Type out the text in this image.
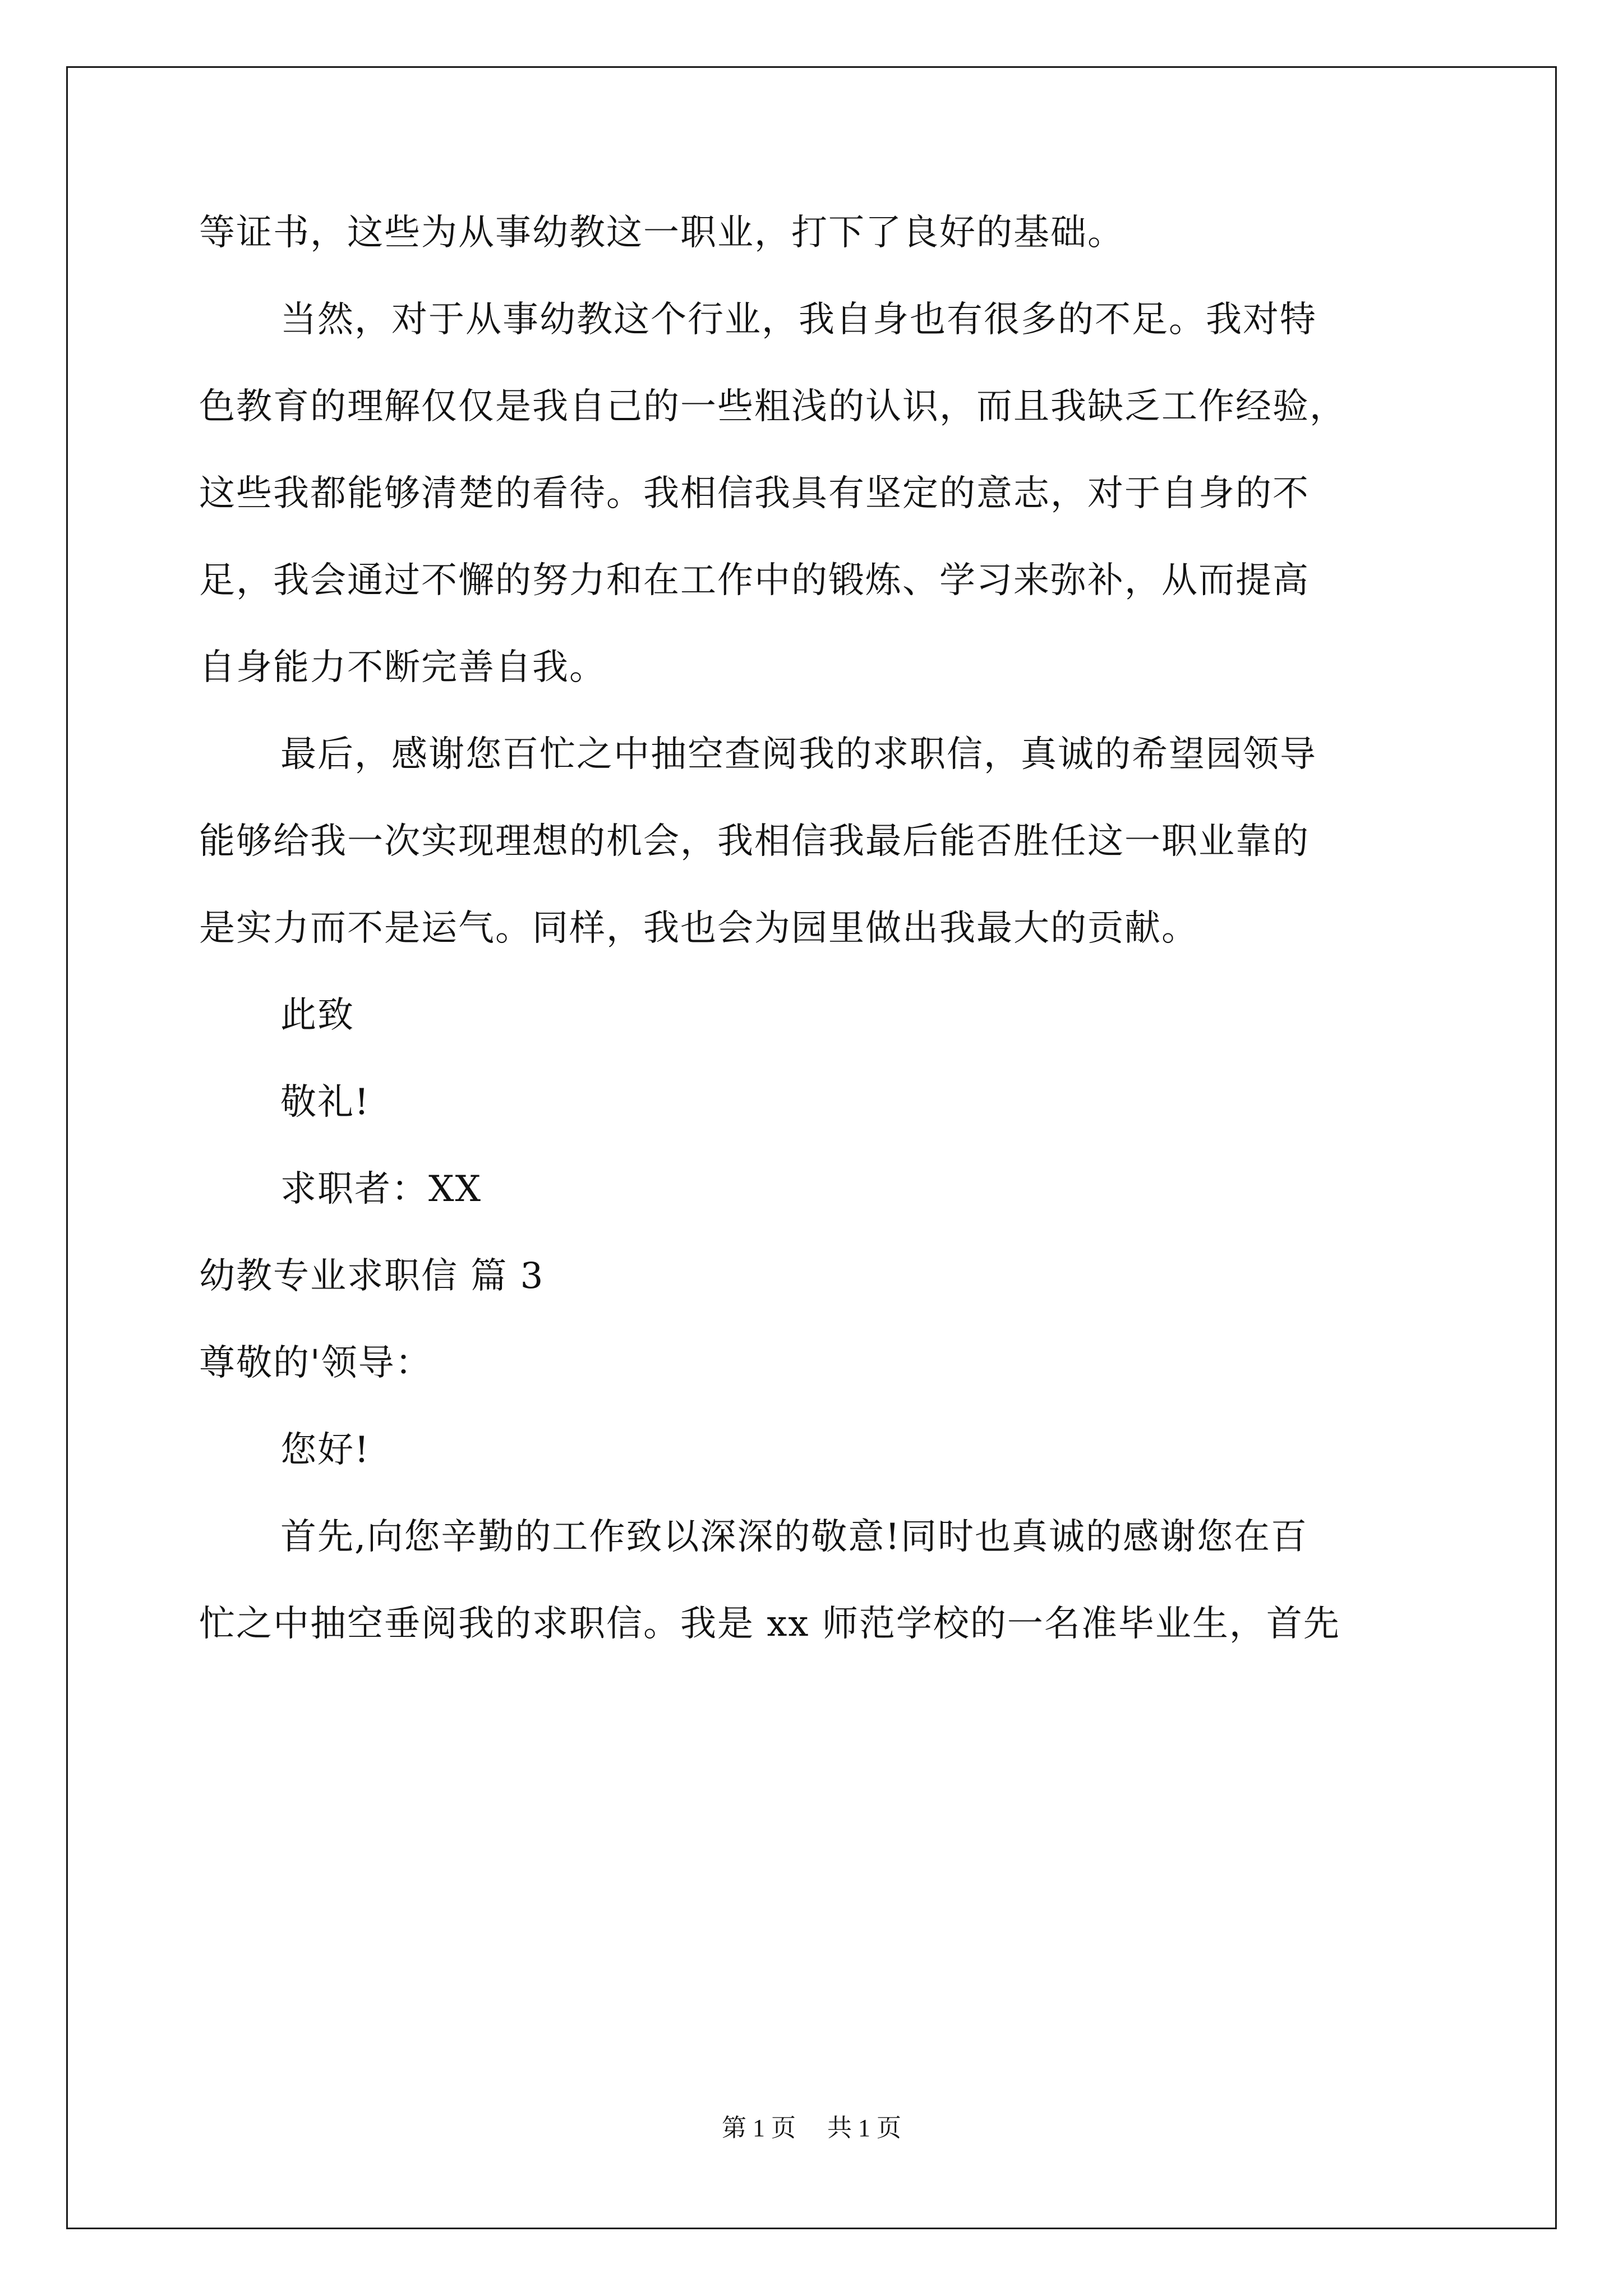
等证书，这些为从事幼教这一职业，打下了良好的基础。
当然，对于从事幼教这个行业，我自身也有很多的不足。我对特
色教育的理解仅仅是我自己的一些粗浅的认识，而且我缺乏工作经验，
这些我都能够清楚的看待。我相信我具有坚定的意志，对于自身的不
足，我会通过不懈的努力和在工作中的锻炼、学习来弥补，从而提高
自身能力不断完善自我。
最后，感谢您百忙之中抽空查阅我的求职信，真诚的希望园领导
能够给我一次实现理想的机会，我相信我最后能否胜任这一职业靠的
是实力而不是运气。同样，我也会为园里做出我最大的贡献。
此致
敬礼!
求职者：XX
幼教专业求职信 篇 3
尊敬的'领导：
您好!
首先,向您辛勤的工作致以深深的敬意!同时也真诚的感谢您在百
忙之中抽空垂阅我的求职信。我是 xx 师范学校的一名准毕业生，首先
第 1 页 共 1 页
